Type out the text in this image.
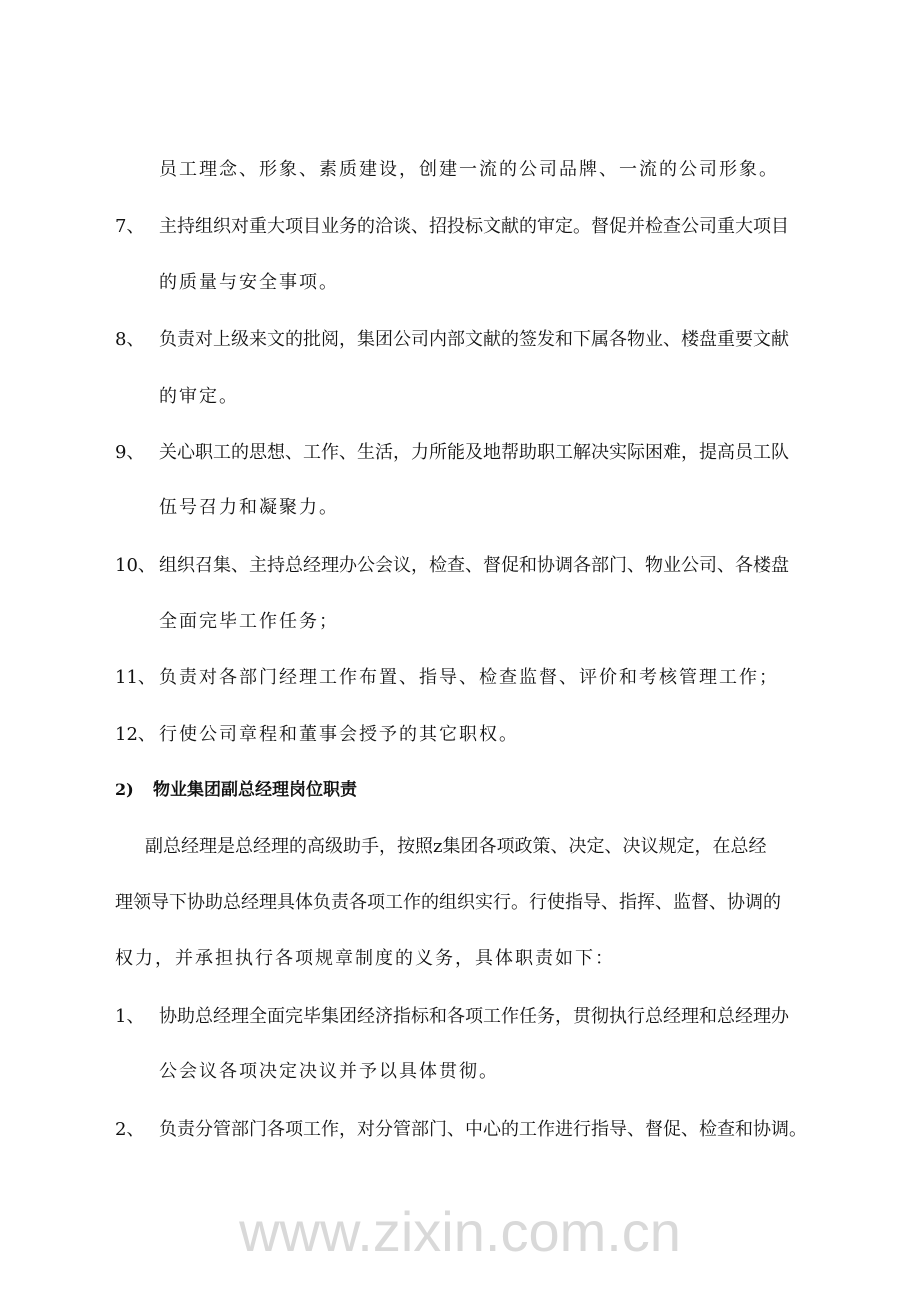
www.zixin.com.cn
员工理念、形象、素质建设，创建一流的公司品牌、一流的公司形象。
7、 主持组织对重大项目业务的洽谈、招投标文献的审定。督促并检查公司重大项目
的质量与安全事项。
8、 负责对上级来文的批阅，集团公司内部文献的签发和下属各物业、楼盘重要文献
的审定。
9、 关心职工的思想、工作、生活，力所能及地帮助职工解决实际困难，提高员工队
伍号召力和凝聚力。
10、 组织召集、主持总经理办公会议，检查、督促和协调各部门、物业公司、各楼盘
全面完毕工作任务；
11、 负责对各部门经理工作布置、指导、检查监督、评价和考核管理工作；
12、 行使公司章程和董事会授予的其它职权。
2) 物业集团副总经理岗位职责
副总经理是总经理的高级助手，按照z集团各项政策、决定、决议规定，在总经
理领导下协助总经理具体负责各项工作的组织实行。行使指导、指挥、监督、协调的
权力，并承担执行各项规章制度的义务，具体职责如下：
1、 协助总经理全面完毕集团经济指标和各项工作任务，贯彻执行总经理和总经理办
公会议各项决定决议并予以具体贯彻。
2、 负责分管部门各项工作，对分管部门、中心的工作进行指导、督促、检查和协调。
